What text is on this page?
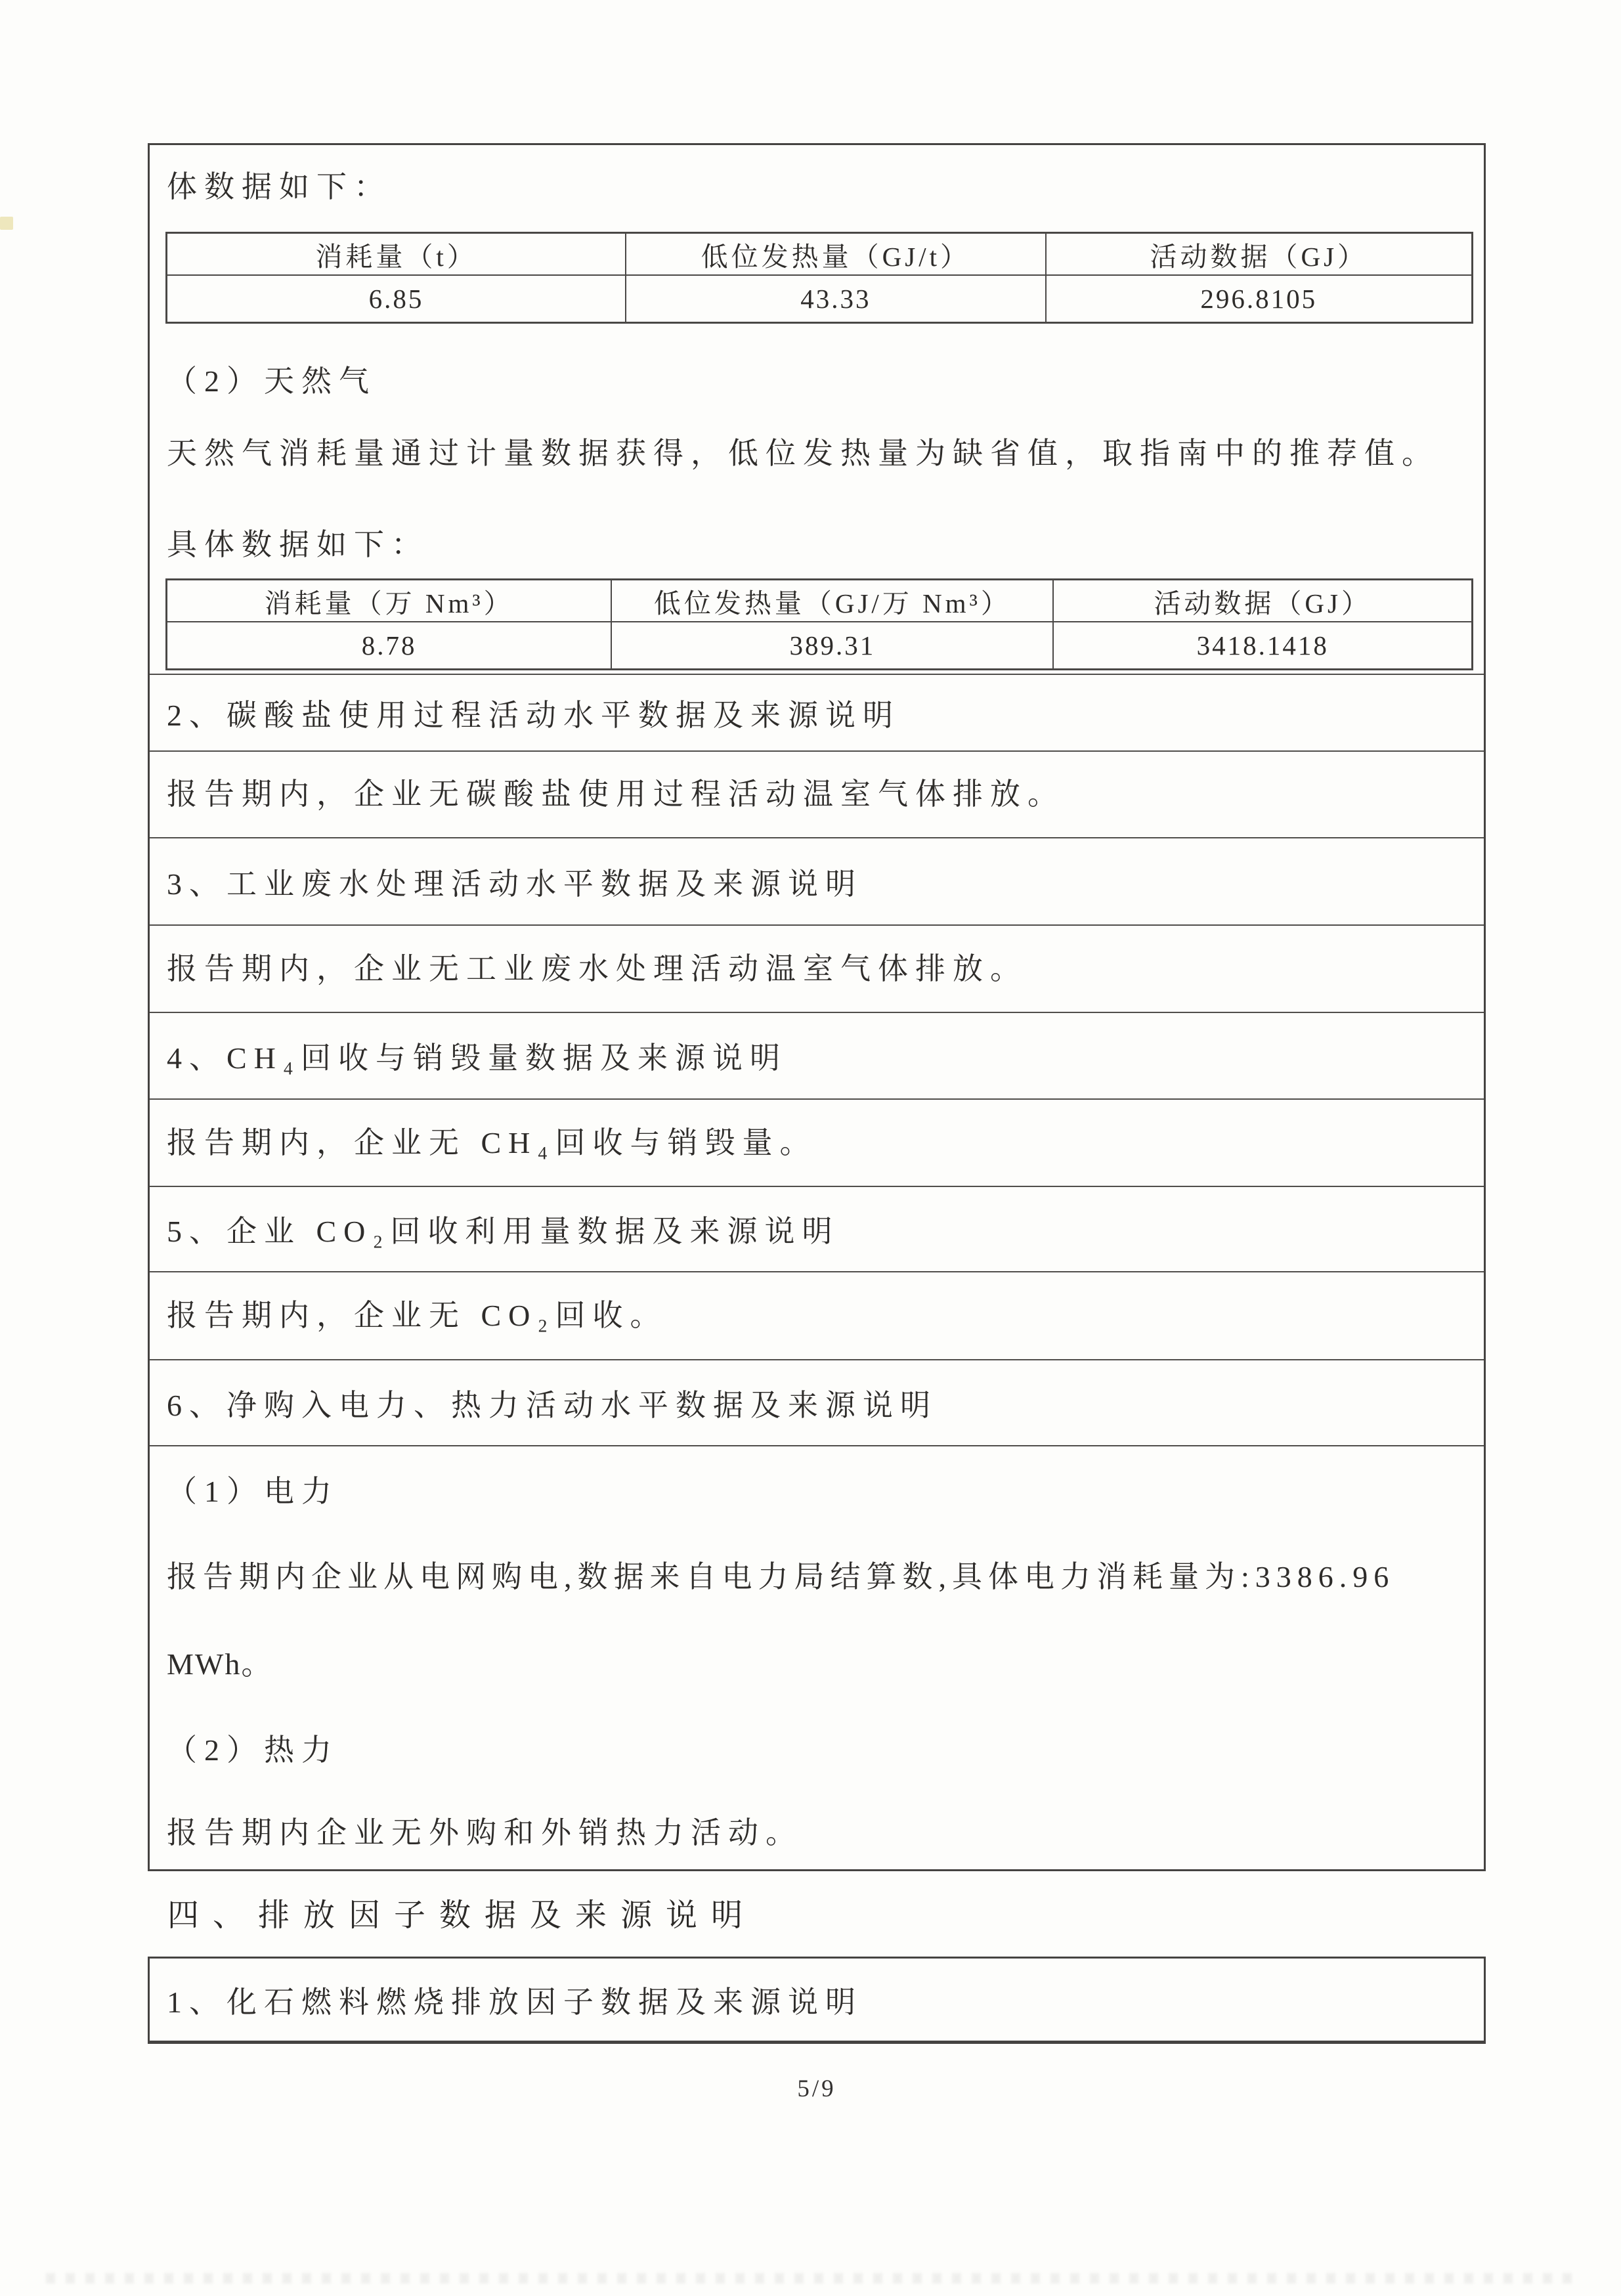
体数据如下：
消耗量（t）	低位发热量（GJ/t）	活动数据（GJ）
6.85	43.33	296.8105
（2）天然气
天然气消耗量通过计量数据获得，低位发热量为缺省值，取指南中的推荐值。
具体数据如下：
消耗量（万 Nm³）	低位发热量（GJ/万 Nm³）	活动数据（GJ）
8.78	389.31	3418.1418
2、碳酸盐使用过程活动水平数据及来源说明
报告期内，企业无碳酸盐使用过程活动温室气体排放。
3、工业废水处理活动水平数据及来源说明
报告期内，企业无工业废水处理活动温室气体排放。
4、CH₄回收与销毁量数据及来源说明
报告期内，企业无 CH₄回收与销毁量。
5、企业 CO₂回收利用量数据及来源说明
报告期内，企业无 CO₂回收。
6、净购入电力、热力活动水平数据及来源说明
（1）电力
报告期内企业从电网购电,数据来自电力局结算数,具体电力消耗量为:3386.96
MWh。
（2）热力
报告期内企业无外购和外销热力活动。
四、排放因子数据及来源说明
1、化石燃料燃烧排放因子数据及来源说明
5/9
